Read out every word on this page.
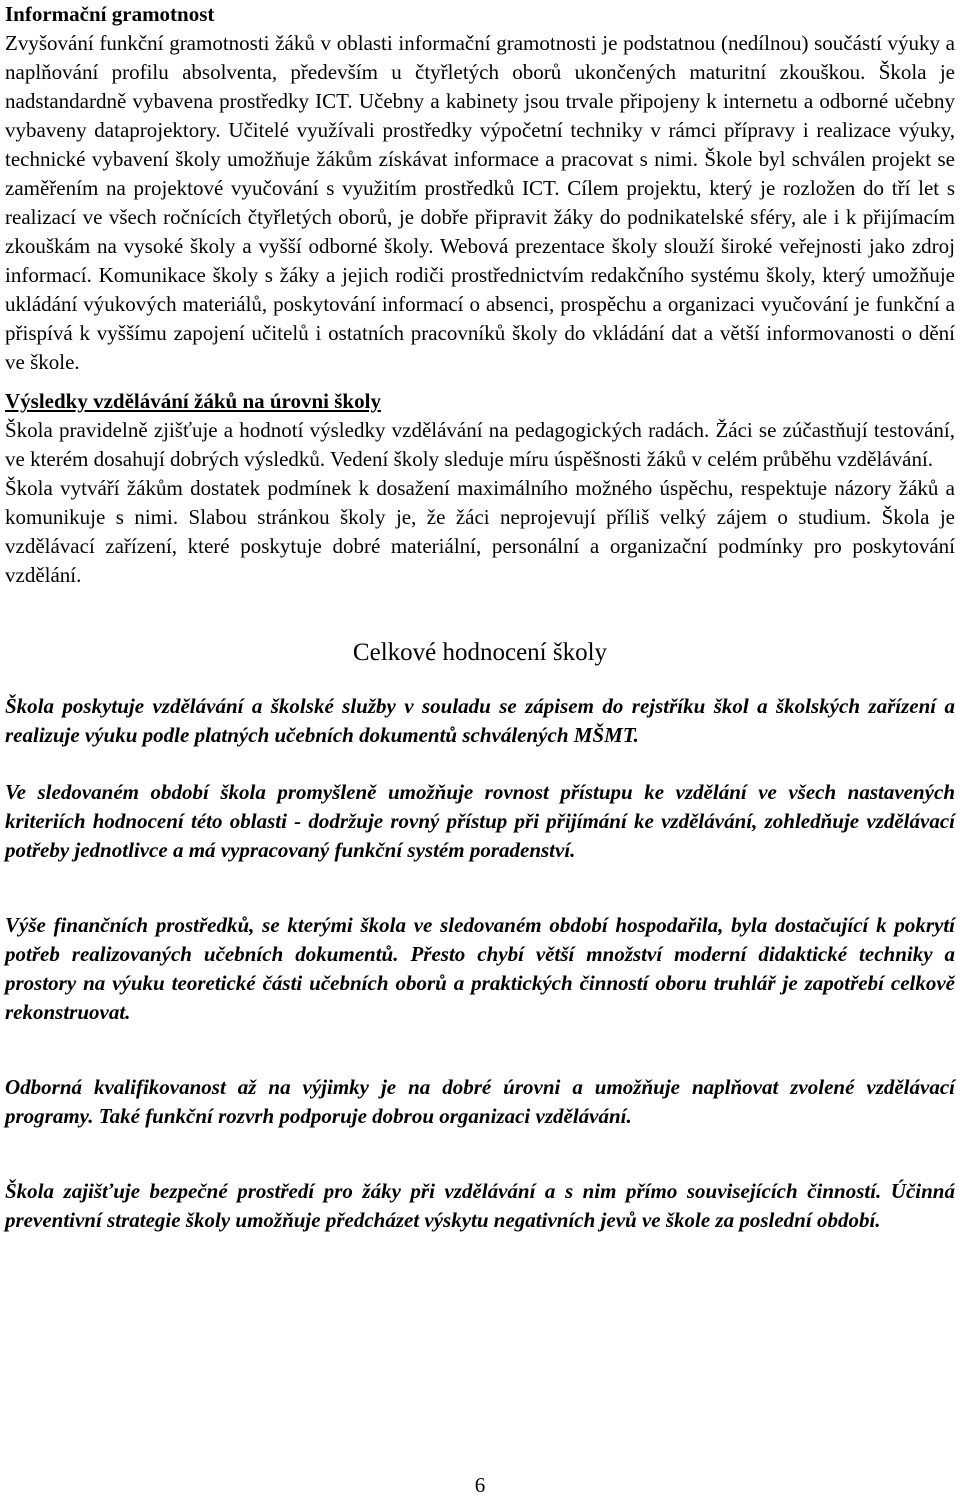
Informační gramotnost

Zvyšování funkční gramotnosti žáků v oblasti informační gramotnosti je podstatnou (nedílnou) součástí výuky a naplňování profilu absolventa, především u čtyřletých oborů ukončených maturitní zkouškou. Škola je nadstandardně vybavena prostředky ICT. Učebny a kabinety jsou trvale připojeny k internetu a odborné učebny vybaveny dataprojektory. Učitelé využívali prostředky výpočetní techniky v rámci přípravy i realizace výuky, technické vybavení školy umožňuje žákům získávat informace a pracovat s nimi. Škole byl schválen projekt se zaměřením na projektové vyučování s využitím prostředků ICT. Cílem projektu, který je rozložen do tří let s realizací ve všech ročnících čtyřletých oborů, je dobře připravit žáky do podnikatelské sféry, ale i k přijímacím zkouškám na vysoké školy a vyšší odborné školy. Webová prezentace školy slouží široké veřejnosti jako zdroj informací. Komunikace školy s žáky a jejich rodiči prostřednictvím redakčního systému školy, který umožňuje ukládání výukových materiálů, poskytování informací o absenci, prospěchu a organizaci vyučování je funkční a přispívá k vyššímu zapojení učitelů i ostatních pracovníků školy do vkládání dat a větší informovanosti o dění ve škole.

Výsledky vzdělávání žáků na úrovni školy

Škola pravidelně zjišťuje a hodnotí výsledky vzdělávání na pedagogických radách. Žáci se zúčastňují testování, ve kterém dosahují dobrých výsledků. Vedení školy sleduje míru úspěšnosti žáků v celém průběhu vzdělávání.

Škola vytváří žákům dostatek podmínek k dosažení maximálního možného úspěchu, respektuje názory žáků a komunikuje s nimi. Slabou stránkou školy je, že žáci neprojevují příliš velký zájem o studium. Škola je vzdělávací zařízení, které poskytuje dobré materiální, personální a organizační podmínky pro poskytování vzdělání.

Celkové hodnocení školy

Škola poskytuje vzdělávání a školské služby v souladu se zápisem do rejstříku škol a školských zařízení a realizuje výuku podle platných učebních dokumentů schválených MŠMT.

Ve sledovaném období škola promyšleně umožňuje rovnost přístupu ke vzdělání ve všech nastavených kriteriích hodnocení této oblasti - dodržuje rovný přístup při přijímání ke vzdělávání, zohledňuje vzdělávací potřeby jednotlivce a má vypracovaný funkční systém poradenství.

Výše finančních prostředků, se kterými škola ve sledovaném období hospodařila, byla dostačující k pokrytí potřeb realizovaných učebních dokumentů. Přesto chybí větší množství moderní didaktické techniky a prostory na výuku teoretické části učebních oborů a praktických činností oboru truhlář je zapotřebí celkově rekonstruovat.

Odborná kvalifikovanost až na výjimky je na dobré úrovni a umožňuje naplňovat zvolené vzdělávací programy. Také funkční rozvrh podporuje dobrou organizaci vzdělávání.

Škola zajišťuje bezpečné prostředí pro žáky při vzdělávání a s nim přímo souvisejících činností. Účinná preventivní strategie školy umožňuje předcházet výskytu negativních jevů ve škole za poslední období.

6
